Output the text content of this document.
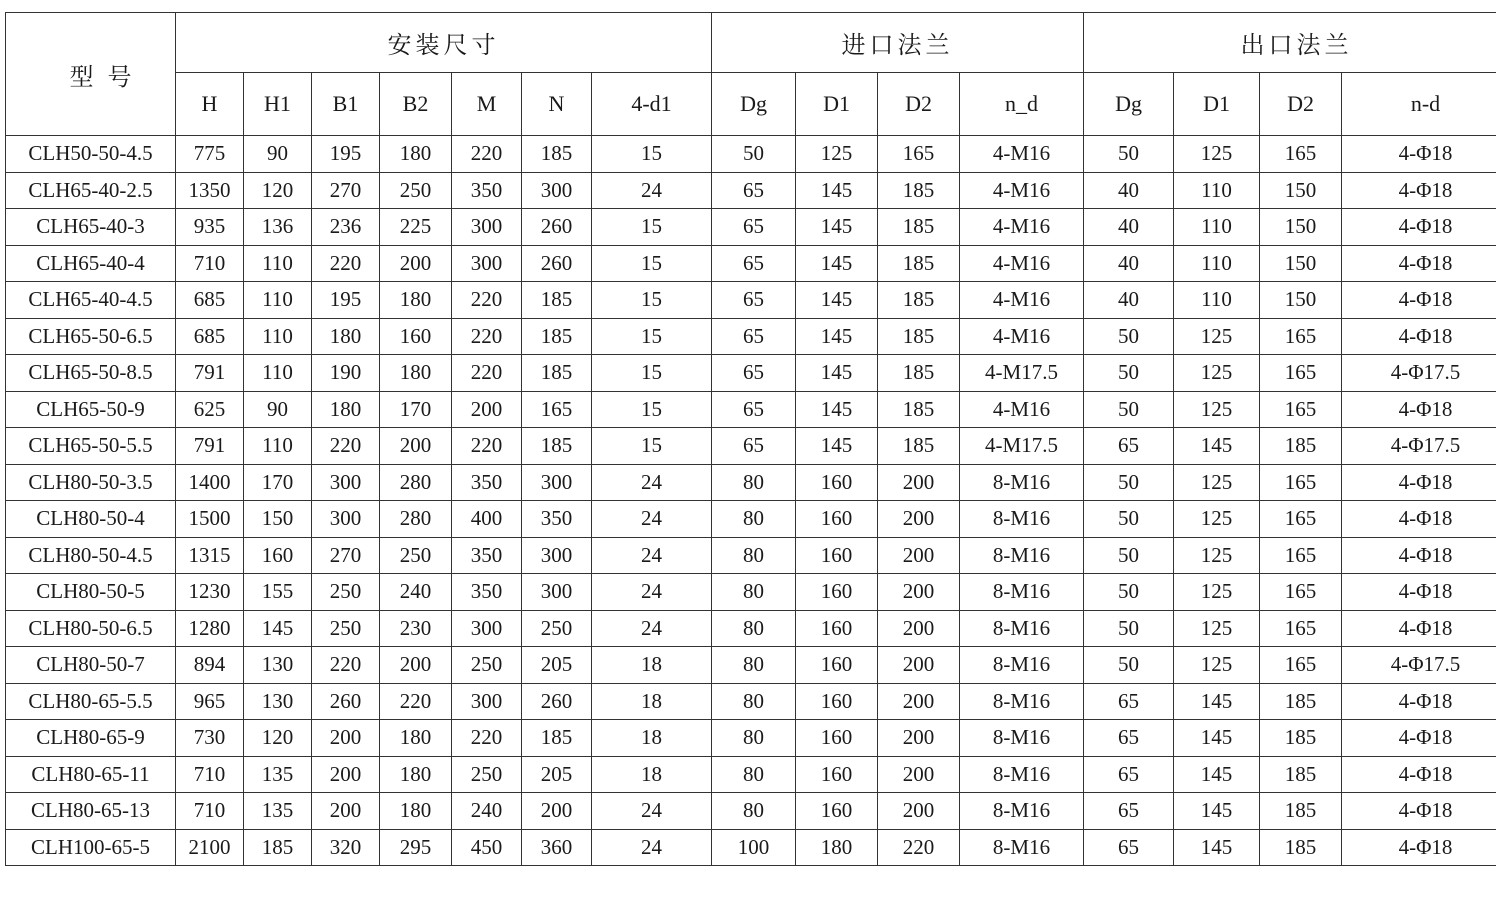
型 号	安装尺寸							进口法兰				出口法兰			
	H	H1	B1	B2	M	N	4-d1	Dg	D1	D2	n_d	Dg	D1	D2	n-d
CLH50-50-4.5	775	90	195	180	220	185	15	50	125	165	4-M16	50	125	165	4-Φ18
CLH65-40-2.5	1350	120	270	250	350	300	24	65	145	185	4-M16	40	110	150	4-Φ18
CLH65-40-3	935	136	236	225	300	260	15	65	145	185	4-M16	40	110	150	4-Φ18
CLH65-40-4	710	110	220	200	300	260	15	65	145	185	4-M16	40	110	150	4-Φ18
CLH65-40-4.5	685	110	195	180	220	185	15	65	145	185	4-M16	40	110	150	4-Φ18
CLH65-50-6.5	685	110	180	160	220	185	15	65	145	185	4-M16	50	125	165	4-Φ18
CLH65-50-8.5	791	110	190	180	220	185	15	65	145	185	4-M17.5	50	125	165	4-Φ17.5
CLH65-50-9	625	90	180	170	200	165	15	65	145	185	4-M16	50	125	165	4-Φ18
CLH65-50-5.5	791	110	220	200	220	185	15	65	145	185	4-M17.5	65	145	185	4-Φ17.5
CLH80-50-3.5	1400	170	300	280	350	300	24	80	160	200	8-M16	50	125	165	4-Φ18
CLH80-50-4	1500	150	300	280	400	350	24	80	160	200	8-M16	50	125	165	4-Φ18
CLH80-50-4.5	1315	160	270	250	350	300	24	80	160	200	8-M16	50	125	165	4-Φ18
CLH80-50-5	1230	155	250	240	350	300	24	80	160	200	8-M16	50	125	165	4-Φ18
CLH80-50-6.5	1280	145	250	230	300	250	24	80	160	200	8-M16	50	125	165	4-Φ18
CLH80-50-7	894	130	220	200	250	205	18	80	160	200	8-M16	50	125	165	4-Φ17.5
CLH80-65-5.5	965	130	260	220	300	260	18	80	160	200	8-M16	65	145	185	4-Φ18
CLH80-65-9	730	120	200	180	220	185	18	80	160	200	8-M16	65	145	185	4-Φ18
CLH80-65-11	710	135	200	180	250	205	18	80	160	200	8-M16	65	145	185	4-Φ18
CLH80-65-13	710	135	200	180	240	200	24	80	160	200	8-M16	65	145	185	4-Φ18
CLH100-65-5	2100	185	320	295	450	360	24	100	180	220	8-M16	65	145	185	4-Φ18
